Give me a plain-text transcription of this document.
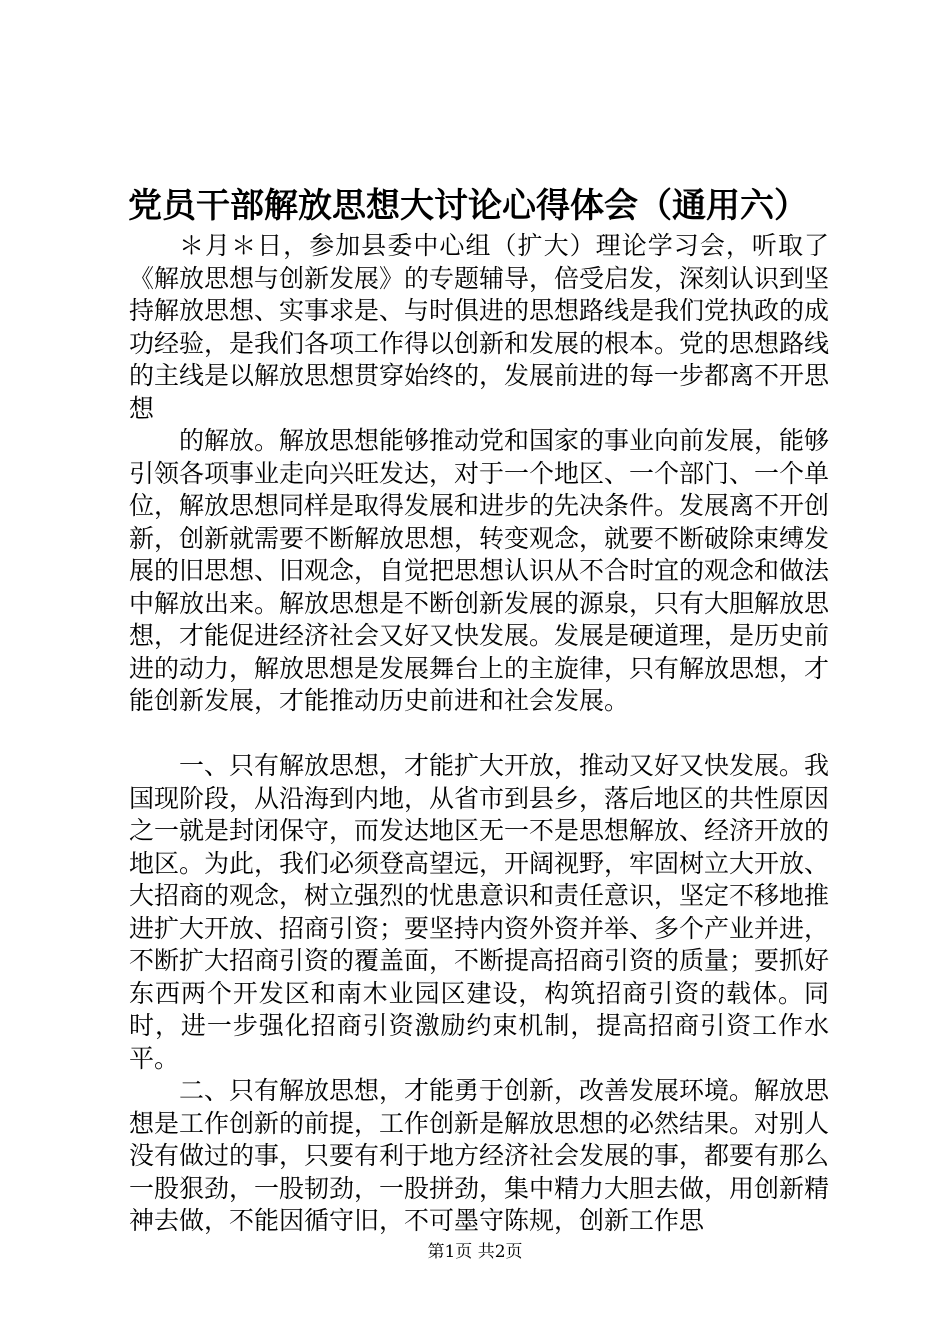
党员干部解放思想大讨论心得体会（通用六）

＊月＊日，参加县委中心组（扩大）理论学习会，听取了《解放思想与创新发展》的专题辅导，倍受启发，深刻认识到坚持解放思想、实事求是、与时俱进的思想路线是我们党执政的成功经验，是我们各项工作得以创新和发展的根本。党的思想路线的主线是以解放思想贯穿始终的，发展前进的每一步都离不开思想

的解放。解放思想能够推动党和国家的事业向前发展，能够引领各项事业走向兴旺发达，对于一个地区、一个部门、一个单位，解放思想同样是取得发展和进步的先决条件。发展离不开创新，创新就需要不断解放思想，转变观念，就要不断破除束缚发展的旧思想、旧观念，自觉把思想认识从不合时宜的观念和做法中解放出来。解放思想是不断创新发展的源泉，只有大胆解放思想，才能促进经济社会又好又快发展。发展是硬道理，是历史前进的动力，解放思想是发展舞台上的主旋律，只有解放思想，才能创新发展，才能推动历史前进和社会发展。

一、只有解放思想，才能扩大开放，推动又好又快发展。我国现阶段，从沿海到内地，从省市到县乡，落后地区的共性原因之一就是封闭保守，而发达地区无一不是思想解放、经济开放的地区。为此，我们必须登高望远，开阔视野，牢固树立大开放、大招商的观念，树立强烈的忧患意识和责任意识，坚定不移地推进扩大开放、招商引资；要坚持内资外资并举、多个产业并进，不断扩大招商引资的覆盖面，不断提高招商引资的质量；要抓好东西两个开发区和南木业园区建设，构筑招商引资的载体。同时，进一步强化招商引资激励约束机制，提高招商引资工作水平。

二、只有解放思想，才能勇于创新，改善发展环境。解放思想是工作创新的前提，工作创新是解放思想的必然结果。对别人没有做过的事，只要有利于地方经济社会发展的事，都要有那么一股狠劲，一股韧劲，一股拼劲，集中精力大胆去做，用创新精神去做，不能因循守旧，不可墨守陈规，创新工作思

第1页 共2页
